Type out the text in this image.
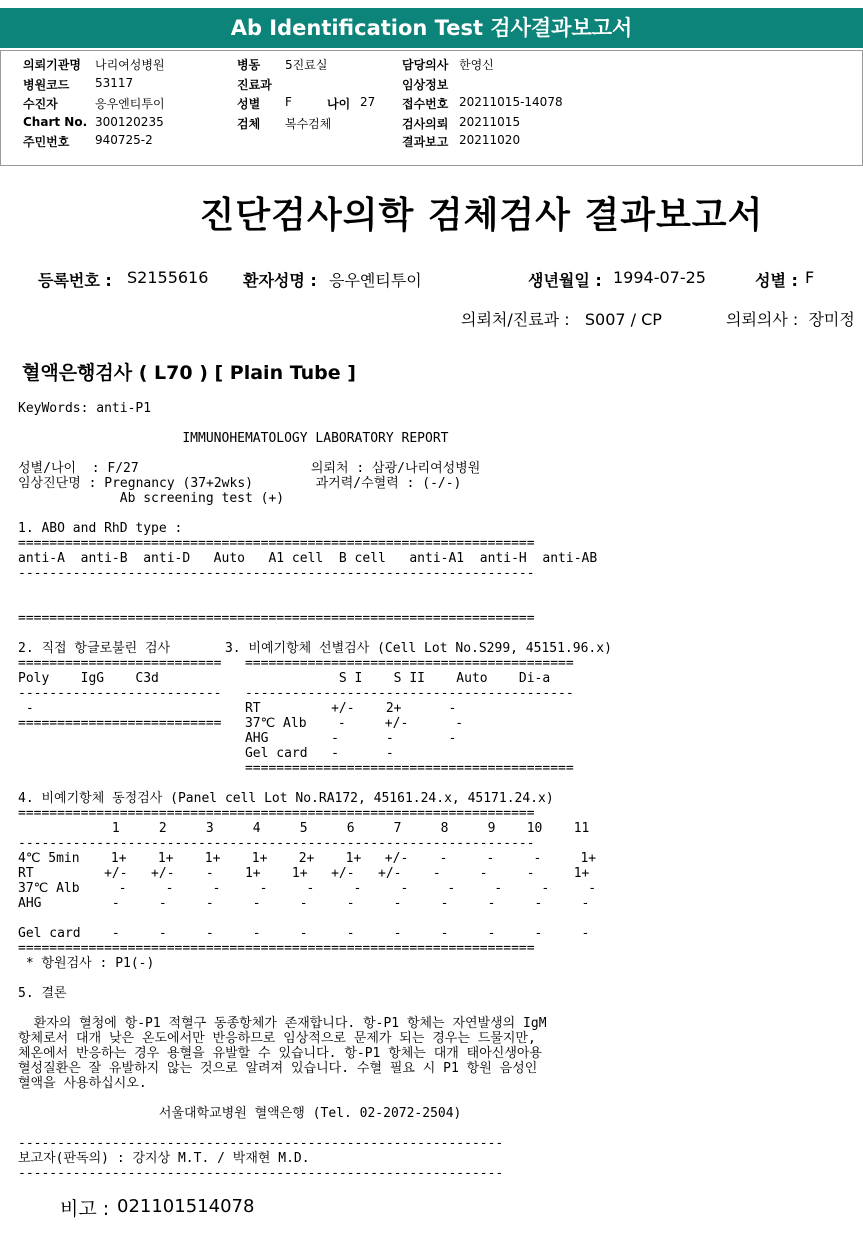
Ab Identification Test 검사결과보고서
의뢰기관명 나리여성병원
병원코드 53117
수진자	응우엔티투이
Chart No. 300120235
주민번호 940725-2
병동 5진료실
진료과
성별 F	나이 27
검체 복수검체
담당의사 한영신
임상정보
접수번호 20211015-14078
검사의뢰 20211015
결과보고 20211020
진단검사의학 검체검사 결과보고서
등록번호 : S2155616 환자성명 : 응우옌티투이	생년월일 : 1994-07-25	성별 : F
의뢰처/진료과 :   S007 / CP	의뢰의사 :  장미정
혈액은행검사 ( L70 ) [ Plain Tube ]
KeyWords: anti-P1
IMMUNOHEMATOLOGY LABORATORY REPORT
성별/나이  : F/27                      의뢰처 : 삼광/나리여성병원
임상진단명 : Pregnancy (37+2wks)        과거력/수혈력 : (-/-)
Ab screening test (+)
1. ABO and RhD type :
==================================================================
anti-A  anti-B  anti-D   Auto   A1 cell  B cell   anti-A1  anti-H  anti-AB
------------------------------------------------------------------
==================================================================
2. 직접 항글로불린 검사       3. 비예기항체 선별검사 (Cell Lot No.S299, 45151.96.x)
==========================   ==========================================
Poly    IgG    C3d                       S I    S II    Auto    Di-a
--------------------------   ------------------------------------------
-                           RT         +/-    2+      -
==========================   37℃ Alb    -     +/-      -
AHG        -      -       -
Gel card   -      -
==========================================
4. 비예기항체 동정검사 (Panel cell Lot No.RA172, 45161.24.x, 45171.24.x)
==================================================================
1     2     3     4     5     6     7     8     9    10    11
------------------------------------------------------------------
4℃ 5min    1+    1+    1+    1+    2+    1+   +/-    -     -     -     1+
RT         +/-   +/-    -    1+    1+   +/-   +/-    -     -     -     1+
37℃ Alb     -     -     -     -     -     -     -     -     -     -     -
AHG         -     -     -     -     -     -     -     -     -     -     -
Gel card    -     -     -     -     -     -     -     -     -     -     -
==================================================================
* 항원검사 : P1(-)
5. 결론
환자의 혈청에 항-P1 적혈구 동종항체가 존재합니다. 항-P1 항체는 자연발생의 IgM
항체로서 대개 낮은 온도에서만 반응하므로 임상적으로 문제가 되는 경우는 드물지만,
체온에서 반응하는 경우 용혈을 유발할 수 있습니다. 항-P1 항체는 대개 태아신생아용
혈성질환은 잘 유발하지 않는 것으로 알려져 있습니다. 수혈 필요 시 P1 항원 음성인
혈액을 사용하십시오.
서울대학교병원 혈액은행 (Tel. 02-2072-2504)
--------------------------------------------------------------
보고자(판독의) : 강지상 M.T. / 박재현 M.D.
--------------------------------------------------------------
비고 : 021101514078
